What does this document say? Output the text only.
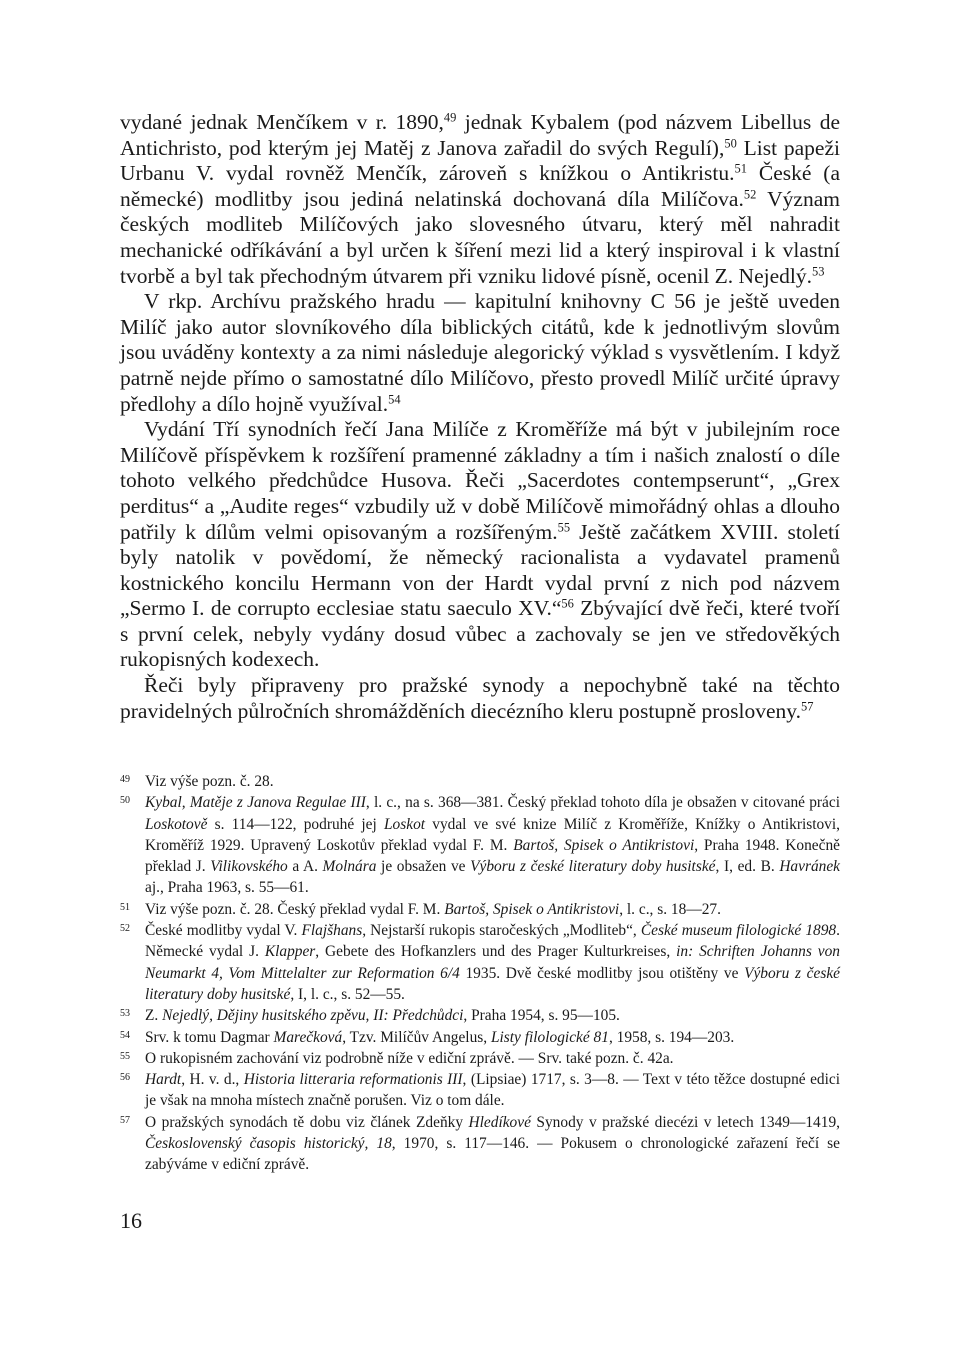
vydané jednak Menčíkem v r. 1890,49 jednak Kybalem (pod názvem Libellus de Antichristo, pod kterým jej Matěj z Janova zařadil do svých Regulí),$^{50}$ List papeži Urbanu V. vydal rovněž Menčík, zároveň s knížkou o Antikristu.$^{51}$ České (a německé) modlitby jsou jediná nelatinská dochovaná díla Milíčova.$^{52}$ Význam českých modliteb Milíčových jako slovesného útvaru, který měl nahradit mechanické odříkávání a byl určen k šíření mezi lid a který inspiroval i k vlastní tvorbě a byl tak přechodným útvarem při vzniku lidové písně, ocenil Z. Nejedlý.$^{53}$

V rkp. Archívu pražského hradu — kapitulní knihovny C 56 je ještě uveden Milíč jako autor slovníkového díla biblických citátů, kde k jednotlivým slovům jsou uváděny kontexty a za nimi následuje alegorický výklad s vysvětlením. I když patrně nejde přímo o samostatné dílo Milíčovo, přesto provedl Milíč určité úpravy předlohy a dílo hojně využíval.$^{54}$

Vydání Tří synodních řečí Jana Milíče z Kroměříže má být v jubilejním roce Milíčově příspěvkem k rozšíření pramenné základny a tím i našich znalostí o díle tohoto velkého předchůdce Husova. Řeči „Sacerdotes contempserunt“, „Grex perditus“ a „Audite reges“ vzbudily už v době Milíčově mimořádný ohlas a dlouho patřily k dílům velmi opisovaným a rozšířeným.$^{55}$ Ještě začátkem XVIII. století byly natolik v povědomí, že německý racionalista a vydavatel pramenů kostnického koncilu Hermann von der Hardt vydal první z nich pod názvem „Sermo I. de corrupto ecclesiae statu saeculo XV.“$^{56}$ Zbývající dvě řeči, které tvoří s první celek, nebyly vydány dosud vůbec a zachovaly se jen ve středověkých rukopisných kodexech.

Řeči byly připraveny pro pražské synody a nepochybně také na těchto pravidelných půlročních shromážděních diecézního kleru postupně prosloveny.$^{57}$

49 Viz výše pozn. č. 28.

50 Kybal, Matěje z Janova Regulae III, l. c., na s. 368—381. Český překlad tohoto díla je obsažen v citované práci Loskotově s. 114—122, podruhé jej Loskot vydal ve své knize Milíč z Kroměříže, Knížky o Antikristovi, Kroměříž 1929. Upravený Loskotův překlad vydal F. M. Bartoš, Spisek o Antikristovi, Praha 1948. Konečně překlad J. Vilikovského a A. Molnára je obsažen ve Výboru z české literatury doby husitské, I, ed. B. Havránek aj., Praha 1963, s. 55—61.

51 Viz výše pozn. č. 28. Český překlad vydal F. M. Bartoš, Spisek o Antikristovi, l. c., s. 18—27.

52 České modlitby vydal V. Flajšhans, Nejstarší rukopis staročeských „Modliteb“, České museum filologické 1898. Německé vydal J. Klapper, Gebete des Hofkanzlers und des Prager Kulturkreises, in: Schriften Johanns von Neumarkt 4, Vom Mittelalter zur Reformation 6/4 1935. Dvě české modlitby jsou otištěny ve Výboru z české literatury doby husitské, I, l. c., s. 52—55.

53 Z. Nejedlý, Dějiny husitského zpěvu, II: Předchůdci, Praha 1954, s. 95—105.

54 Srv. k tomu Dagmar Marečková, Tzv. Milíčův Angelus, Listy filologické 81, 1958, s. 194—203.

55 O rukopisném zachování viz podrobně níže v ediční zprávě. — Srv. také pozn. č. 42a.

56 Hardt, H. v. d., Historia litteraria reformationis III, (Lipsiae) 1717, s. 3—8. — Text v této těžce dostupné edici je však na mnoha místech značně porušen. Viz o tom dále.

57 O pražských synodách tě dobu viz článek Zdeňky Hledíkové Synody v pražské diecézi v letech 1349—1419, Československý časopis historický, 18, 1970, s. 117—146. — Pokusem o chronologické zařazení řečí se zabýváme v ediční zprávě.

16
